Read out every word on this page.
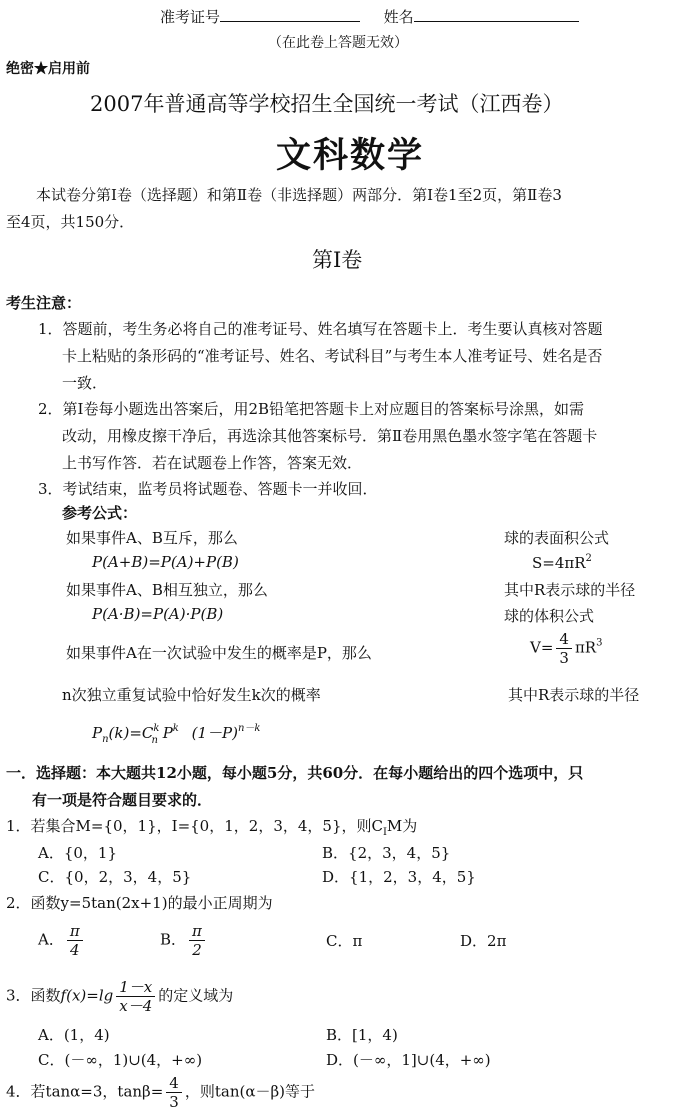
准考证号	姓名
（在此卷上答题无效）
绝密★启用前
2007年普通高等学校招生全国统一考试（江西卷）
文科数学
本试卷分第Ⅰ卷（选择题）和第Ⅱ卷（非选择题）两部分．第Ⅰ卷1至2页，第Ⅱ卷3
至4页，共150分．
第Ⅰ卷
考生注意：
1．答题前，考生务必将自己的准考证号、姓名填写在答题卡上．考生要认真核对答题
卡上粘贴的条形码的“准考证号、姓名、考试科目”与考生本人准考证号、姓名是否
一致．
2．第Ⅰ卷每小题选出答案后，用2B铅笔把答题卡上对应题目的答案标号涂黑，如需
改动，用橡皮擦干净后，再选涂其他答案标号．第Ⅱ卷用黑色墨水签字笔在答题卡
上书写作答．若在试题卷上作答，答案无效．
3．考试结束，监考员将试题卷、答题卡一并收回．
参考公式：
如果事件A、B互斥，那么
P(A+B)=P(A)+P(B)
如果事件A、B相互独立，那么
P(A·B)=P(A)·P(B)
如果事件A在一次试验中发生的概率是P，那么
n次独立重复试验中恰好发生k次的概率
$P_n(k)=C^k_n$ $P^k$ $(1-P)^{n-k}$
球的表面积公式
$S=4\pi R^2$
其中R表示球的半径
球的体积公式
$V= \frac{4}{3} \pi R^3$
其中R表示球的半径
一．选择题：本大题共12小题，每小题5分，共60分．在每小题给出的四个选项中，只
有一项是符合题目要求的．
1．若集合M={0，1}，I={0，1，2，3，4，5}，则$C_IM$为
A．{0，1}	B．{2，3，4，5}
C．{0，2，3，4，5}	D．{1，2，3，4，5}
2．函数y=5tan(2x+1)的最小正周期为
A． $\frac{\pi}{4}$	B． $\frac{\pi}{2}$	C．π	D．2π
3．函数$f(x)=\lg \frac{1-x}{x-4}$ 的定义域为
A．(1，4)	B．[1，4)
C．(－∞，1)∪(4，+∞)	D．(－∞，1]∪(4，+∞)
4．若tanα=3，$\tan\beta= \frac{4}{3}$ ，则tan(α－β)等于
